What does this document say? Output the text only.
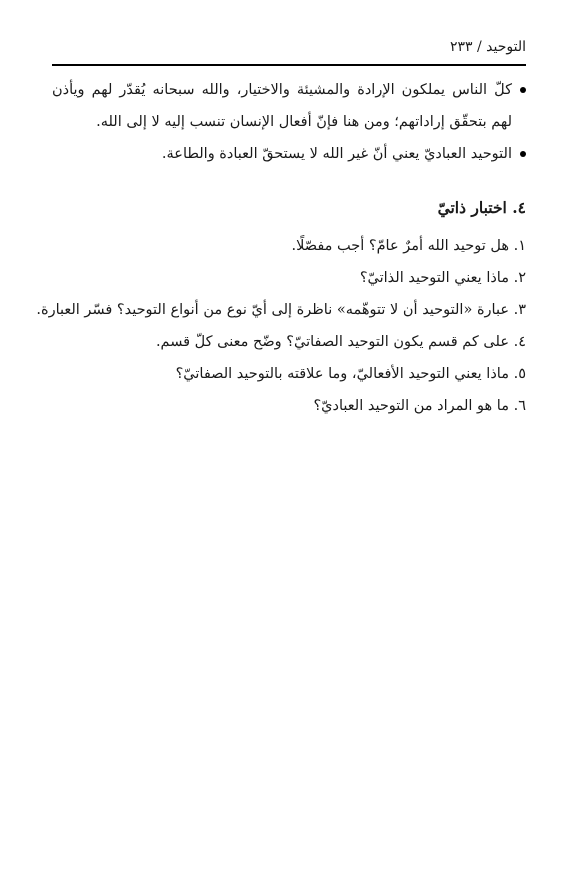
التوحيد / ٢٣٣
كلّ الناس يملكون الإرادة والمشيئة والاختيار، والله سبحانه يُقدّر لهم ويأذن لهم بتحقّق إراداتهم؛ ومن هنا فإنّ أفعال الإنسان تنسب إليه لا إلى الله.
التوحيد العباديّ يعني أنّ غير الله لا يستحقّ العبادة والطاعة.
٤. اختبار ذاتيّ
١. هل توحيد الله أمرٌ عامّ؟ أجب مفصّلًا.
٢. ماذا يعني التوحيد الذاتيّ؟
٣. عبارة «التوحيد أن لا تتوهّمه» ناظرة إلى أيّ نوع من أنواع التوحيد؟ فسّر العبارة.
٤. على كم قسم يكون التوحيد الصفاتيّ؟ وضّح معنى كلّ قسم.
٥. ماذا يعني التوحيد الأفعاليّ، وما علاقته بالتوحيد الصفاتيّ؟
٦. ما هو المراد من التوحيد العباديّ؟
